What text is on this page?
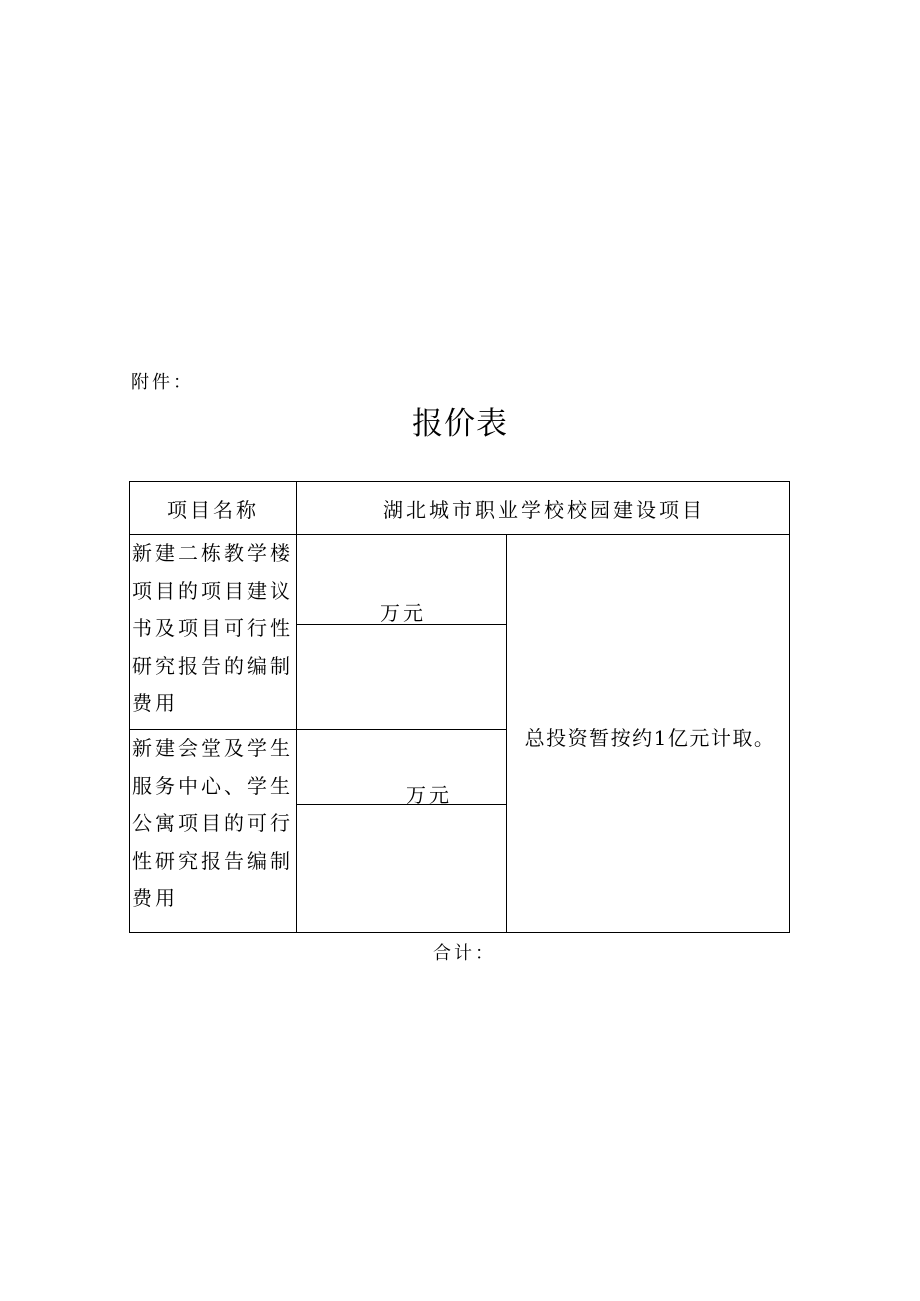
附件：
报价表
项目名称	湖北城市职业学校校园建设项目
新建二栋教学楼项目的项目建议书及项目可行性研究报告的编制费用
万元
新建会堂及学生服务中心、学生公寓项目的可行性研究报告编制费用
万元
总投资暂按约1亿元计取。
合计：
